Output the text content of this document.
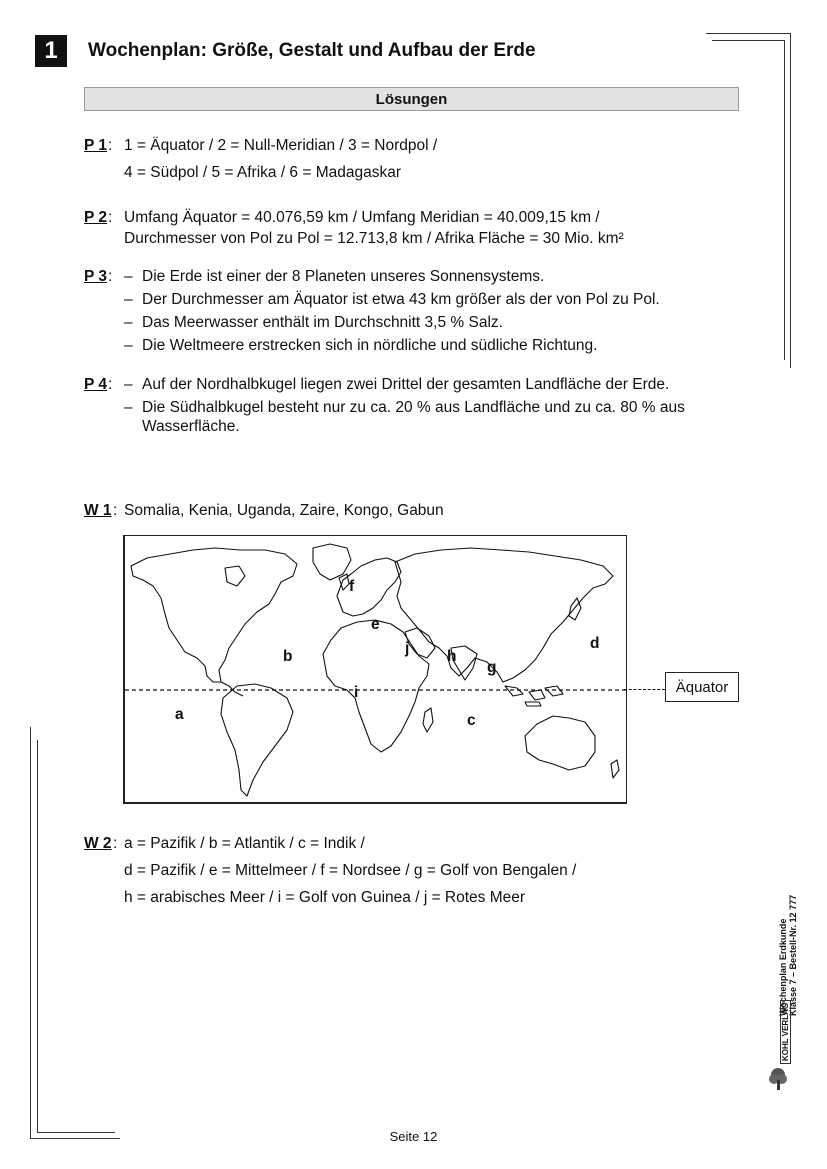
1	Wochenplan: Größe, Gestalt und Aufbau der Erde
Lösungen
P 1 : 1 = Äquator / 2 = Null-Meridian / 3 = Nordpol /
4 = Südpol / 5 = Afrika / 6 = Madagaskar
P 2 : Umfang Äquator = 40.076,59 km / Umfang Meridian = 40.009,15 km /
Durchmesser von Pol zu Pol = 12.713,8 km / Afrika Fläche = 30 Mio. km²
P 3 : – Die Erde ist einer der 8 Planeten unseres Sonnensystems.
– Der Durchmesser am Äquator ist etwa 43 km größer als der von Pol zu Pol.
– Das Meerwasser enthält im Durchschnitt 3,5 % Salz.
– Die Weltmeere erstrecken sich in nördliche und südliche Richtung.
P 4 : – Auf der Nordhalbkugel liegen zwei Drittel der gesamten Landfläche der Erde.
– Die Südhalbkugel besteht nur zu ca. 20 % aus Landfläche und zu ca. 80 % aus
Wasserfläche.
W 1 : Somalia, Kenia, Uganda, Zaire, Kongo, Gabun
a
b
c
d
e
f
g
h
i
j
Äquator
W 2 : a = Pazifik / b = Atlantik / c = Indik /
d = Pazifik / e = Mittelmeer / f = Nordsee / g = Golf von Bengalen /
h = arabisches Meer / i = Golf von Guinea / j = Rotes Meer
Wochenplan Erdkunde Klasse 7 – Bestell-Nr. 12 777
KOHL VERLAG
Seite 12
